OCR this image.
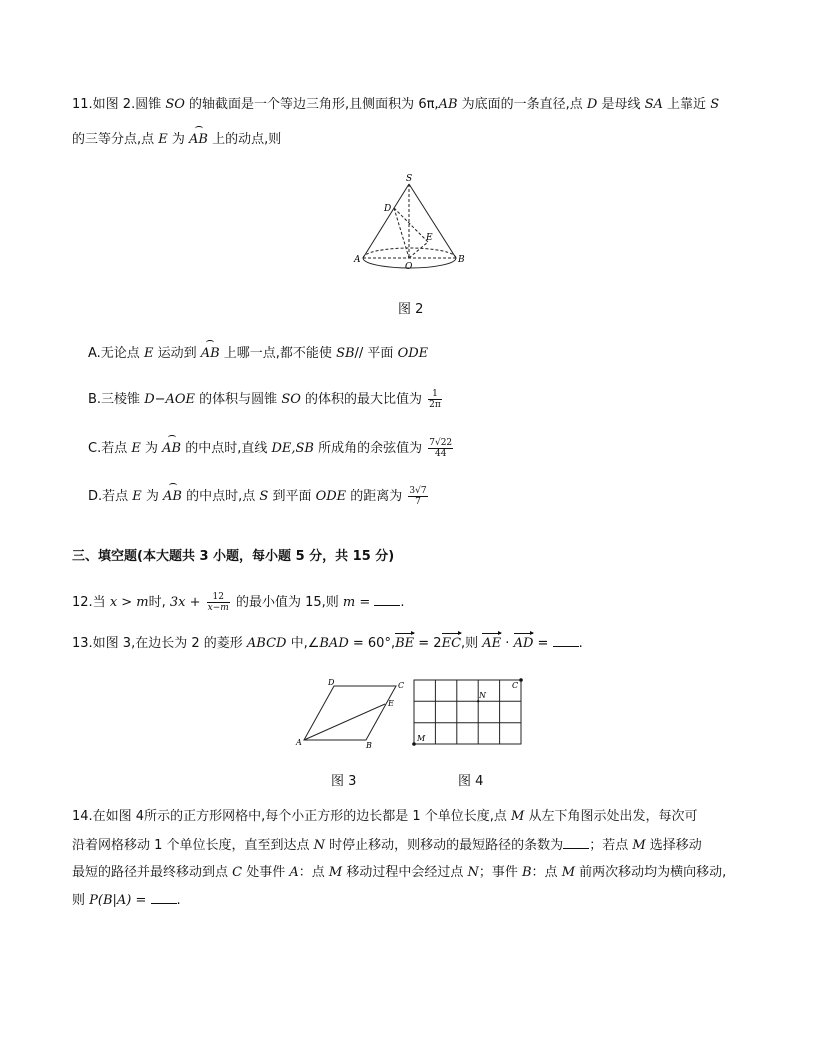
11.如图 2.圆锥 SO 的轴截面是一个等边三角形,且侧面积为 6π,AB 为底面的一条直径,点 D 是母线 SA 上靠近 S
的三等分点,点 E 为 AB 上的动点,则
S
D
E
A
O
B
图 2
A.无论点 E 运动到 AB 上哪一点,都不能使 SB// 平面 ODE
B.三棱锥 D−AOE 的体积与圆锥 SO 的体积的最大比值为 $\frac{1}{2\pi}$
C.若点 E 为 AB 的中点时,直线 DE,SB 所成角的余弦值为 $\frac{7√22}{44}$
D.若点 E 为 AB 的中点时,点 S 到平面 ODE 的距离为 $\frac{3√7}{7}$
三、填空题(本大题共 3 小题，每小题 5 分，共 15 分)
12.当 x > m时, $3x + \frac{12}{x-m}$ 的最小值为 15,则 m = .
13.如图 3,在边长为 2 的菱形 ABCD 中,∠BAD = 60°,BE = 2EC,则 AE · AD = .
A	B
C
D
E
M
N
C
图 3	图 4
14.在如图 4所示的正方形网格中,每个小正方形的边长都是 1 个单位长度,点 M 从左下角图示处出发，每次可
沿着网格移动 1 个单位长度，直至到达点 N 时停止移动，则移动的最短路径的条数为 ；若点 M 选择移动
最短的路径并最终移动到点 C 处事件 A：点 M 移动过程中会经过点 N；事件 B：点 M 前两次移动均为横向移动,
则 P(B|A) = .
